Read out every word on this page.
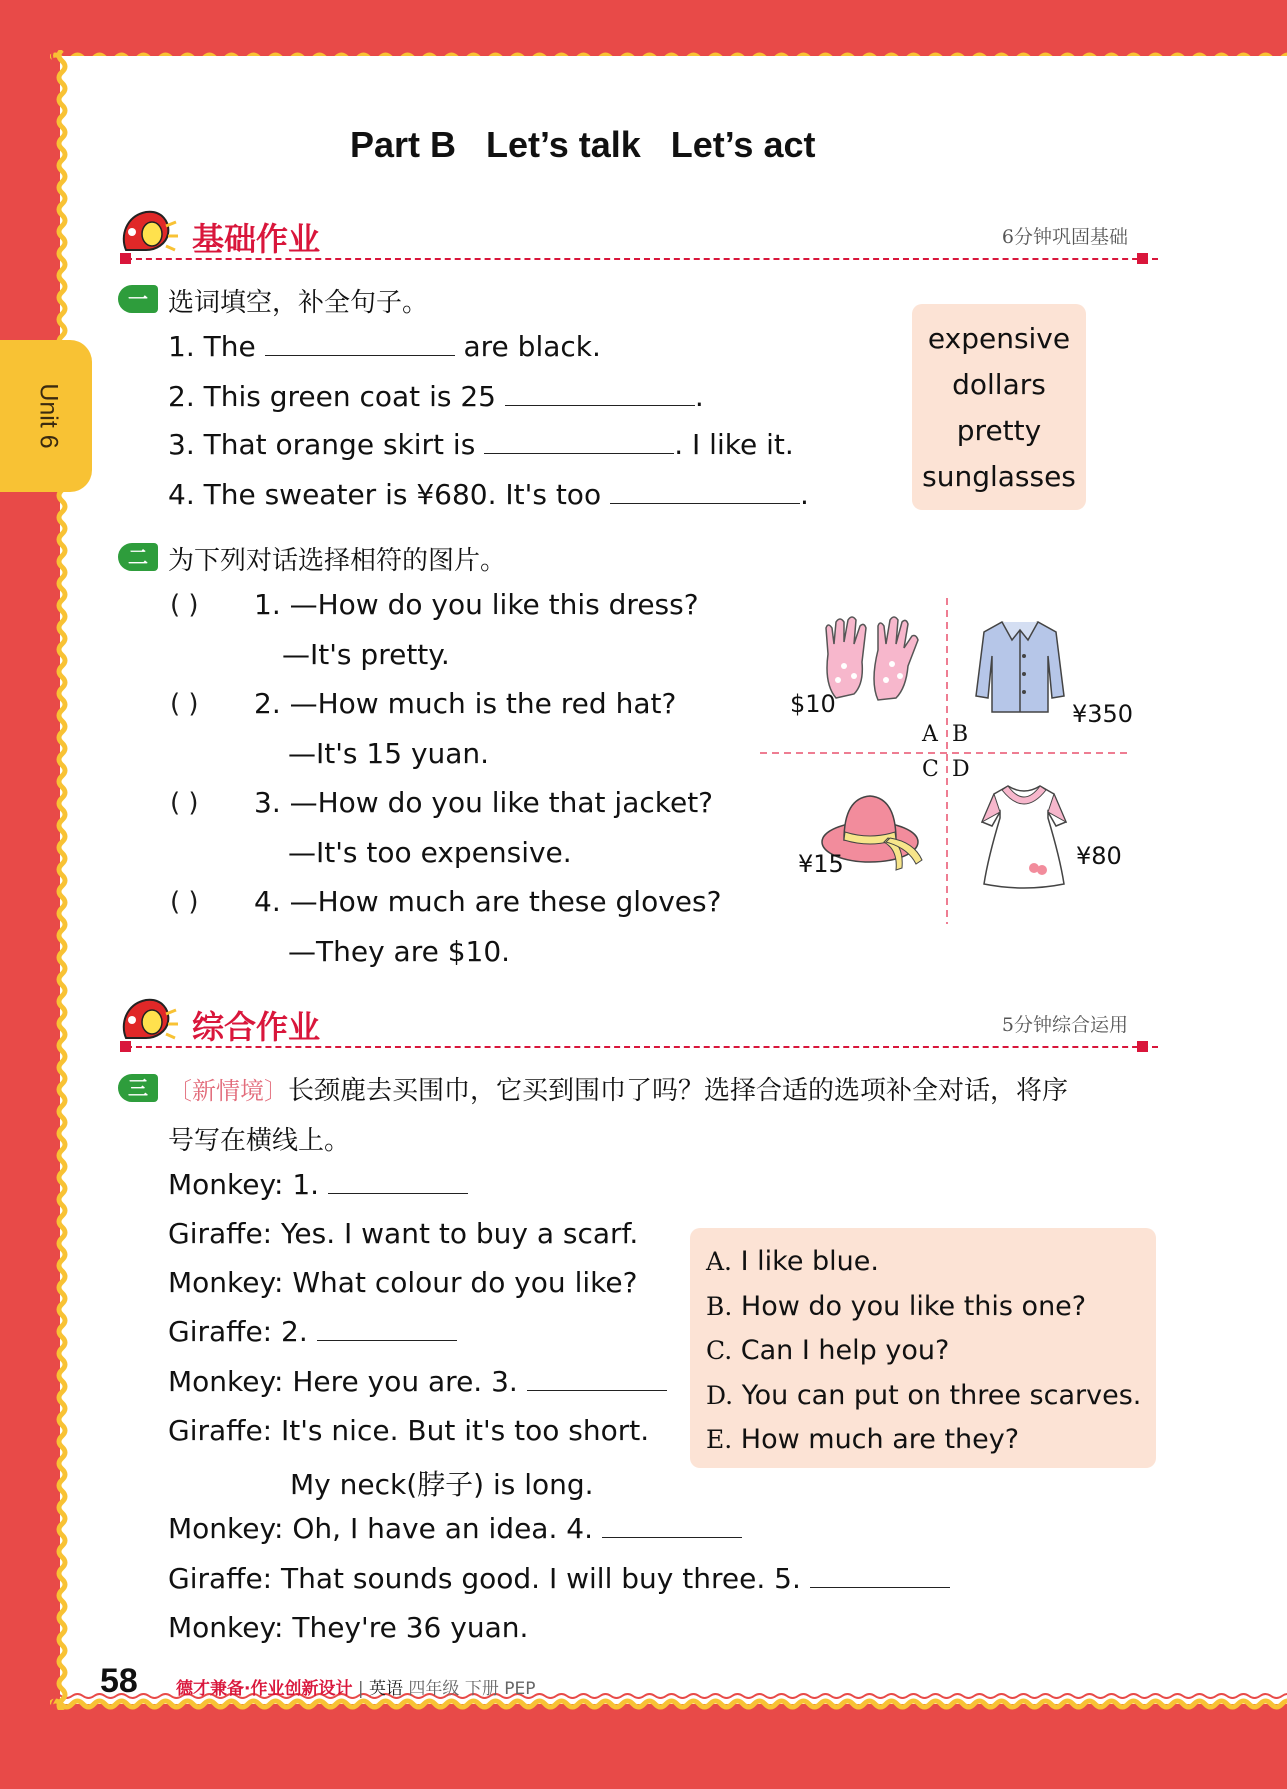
Unit 6
Part B   Let’s talk   Let’s act
基础作业	6分钟巩固基础
一 选词填空，补全句子。
1. The	are black.
2. This green coat is 25	.
3. That orange skirt is	. I like it.
4. The sweater is ¥680. It's too	.
expensive
dollars
pretty
sunglasses
二 为下列对话选择相符的图片。
( ) 1. —How do you like this dress?
—It's pretty.
( ) 2. —How much is the red hat?
—It's 15 yuan.
( ) 3. —How do you like that jacket?
—It's too expensive.
( ) 4. —How much are these gloves?
—They are $10.
$10	¥350
A B
C D
¥15	¥80
综合作业	5分钟综合运用
三 〔新情境〕长颈鹿去买围巾，它买到围巾了吗？选择合适的选项补全对话，将序
号写在横线上。
Monkey: 1.
Giraffe: Yes. I want to buy a scarf.
Monkey: What colour do you like?
Giraffe: 2.
Monkey: Here you are. 3.
Giraffe: It's nice. But it's too short.
My neck(脖子) is long.
Monkey: Oh, I have an idea. 4.
Giraffe: That sounds good. I will buy three. 5.
Monkey: They're 36 yuan.
A. I like blue.
B. How do you like this one?
C. Can I help you?
D. You can put on three scarves.
E. How much are they?
58 德才兼备·作业创新设计 | 英语 四年级 下册 PEP
